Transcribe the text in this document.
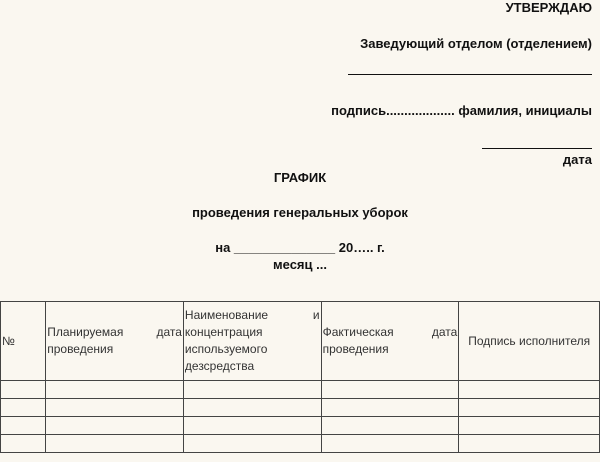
УТВЕРЖДАЮ
Заведующий отделом (отделением)
подпись................... фамилия, инициалы
дата
ГРАФИК
проведения генеральных уборок
на ______________ 20….. г.
месяц ...
№	Планируемая дата проведения	Наименование и концентрация используемого дезсредства	Фактическая дата проведения	Подпись исполнителя
